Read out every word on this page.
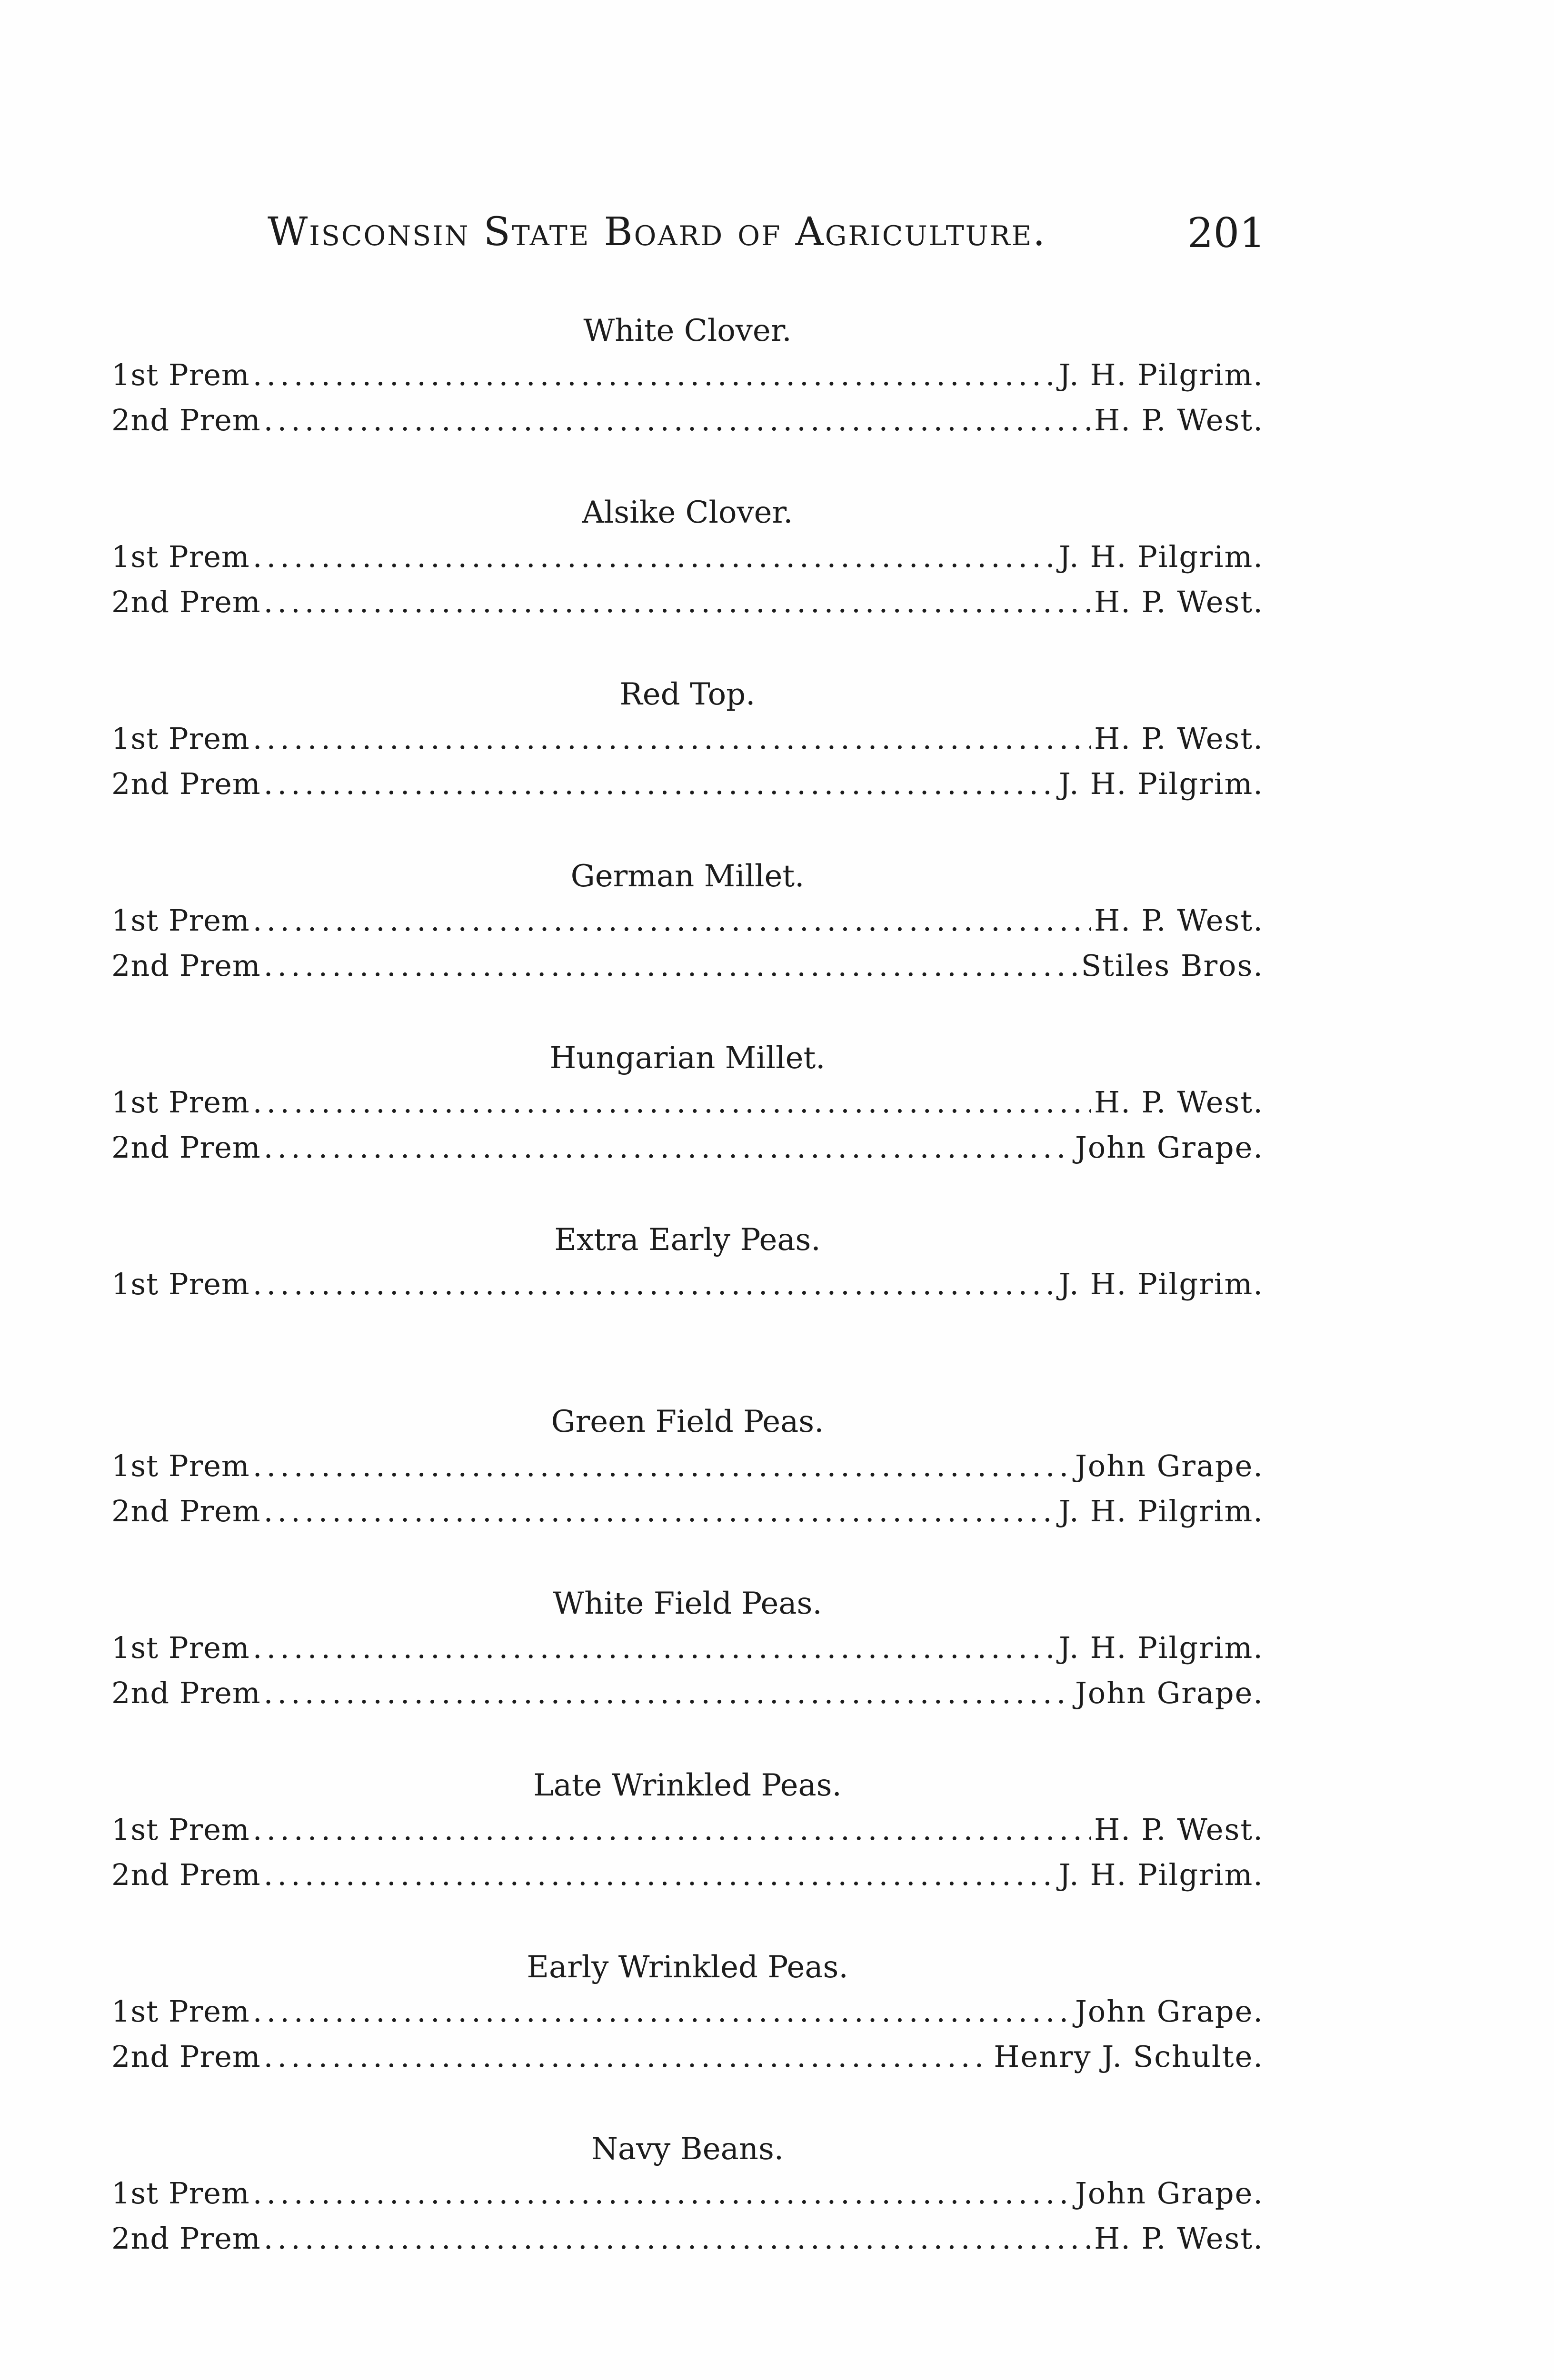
Wisconsin State Board of Agriculture.	201
White Clover.
1st Prem .....	J. H. Pilgrim.
2nd Prem .....	H. P. West.
Alsike Clover.
1st Prem .....	J. H. Pilgrim.
2nd Prem .....	H. P. West.
Red Top.
1st Prem .....	H. P. West.
2nd Prem .....	J. H. Pilgrim.
German Millet.
1st Prem .....	H. P. West.
2nd Prem .....	Stiles Bros.
Hungarian Millet.
1st Prem .....	H. P. West.
2nd Prem .....	John Grape.
Extra Early Peas.
1st Prem .....	J. H. Pilgrim.
Green Field Peas.
1st Prem .....	John Grape.
2nd Prem .....	J. H. Pilgrim.
White Field Peas.
1st Prem .....	J. H. Pilgrim.
2nd Prem .....	John Grape.
Late Wrinkled Peas.
1st Prem .....	H. P. West.
2nd Prem .....	J. H. Pilgrim.
Early Wrinkled Peas.
1st Prem .....	John Grape.
2nd Prem .....	Henry J. Schulte.
Navy Beans.
1st Prem .....	John Grape.
2nd Prem .....	H. P. West.
